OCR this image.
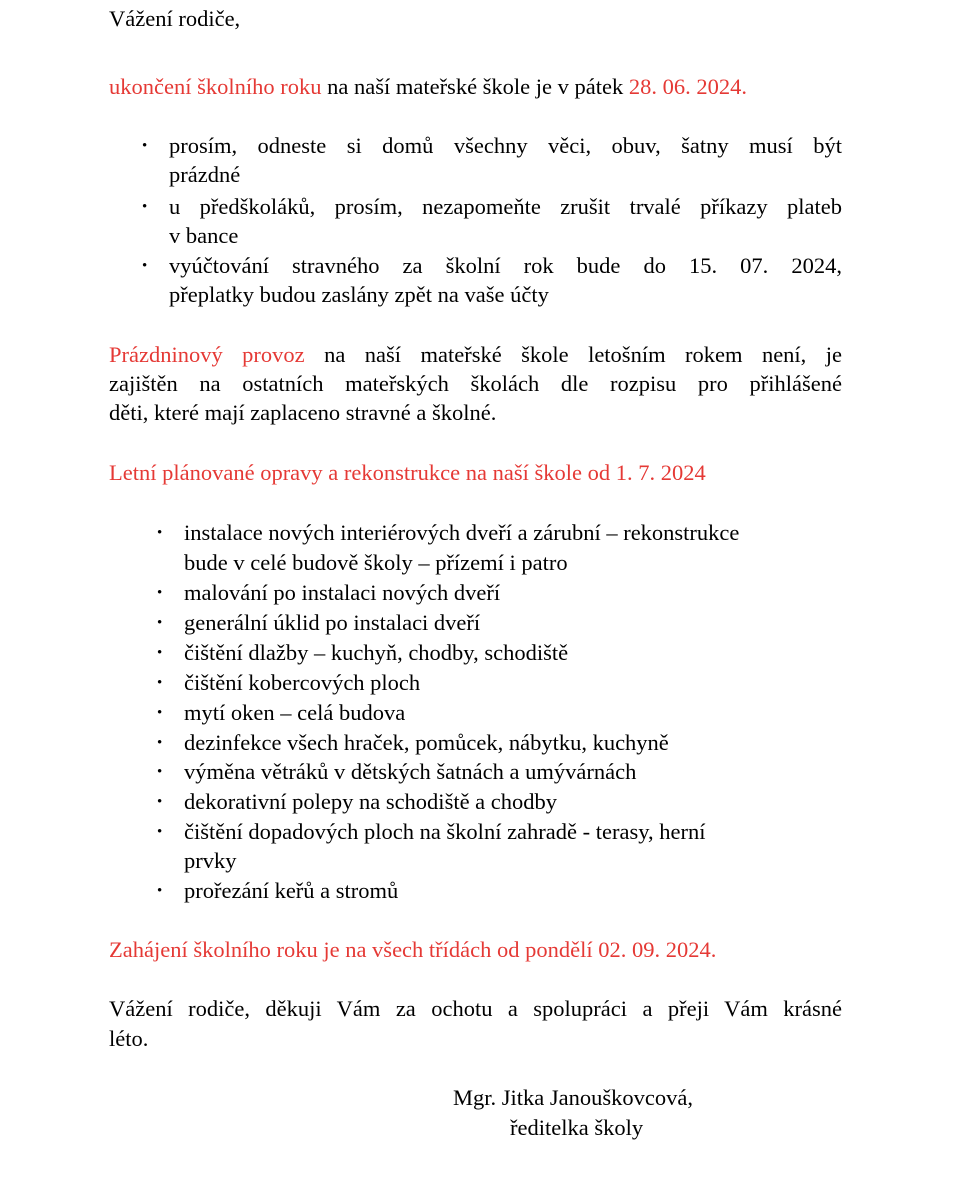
Vážení rodiče,

ukončení školního roku na naší mateřské škole je v pátek 28. 06. 2024.

• prosím, odneste si domů všechny věci, obuv, šatny musí být

prázdné

• u předškoláků, prosím, nezapomeňte zrušit trvalé příkazy plateb

v bance

• vyúčtování stravného za školní rok bude do 15. 07. 2024,

přeplatky budou zaslány zpět na vaše účty

Prázdninový provoz na naší mateřské škole letošním rokem není, je

zajištěn na ostatních mateřských školách dle rozpisu pro přihlášené

děti, které mají zaplaceno stravné a školné.

Letní plánované opravy a rekonstrukce na naší škole od 1. 7. 2024

• instalace nových interiérových dveří a zárubní – rekonstrukce

bude v celé budově školy – přízemí i patro

• malování po instalaci nových dveří

• generální úklid po instalaci dveří

• čištění dlažby – kuchyň, chodby, schodiště

• čištění kobercových ploch

• mytí oken – celá budova

• dezinfekce všech hraček, pomůcek, nábytku, kuchyně

• výměna větráků v dětských šatnách a umývárnách

• dekorativní polepy na schodiště a chodby

• čištění dopadových ploch na školní zahradě - terasy, herní

prvky

• prořezání keřů a stromů

Zahájení školního roku je na všech třídách od pondělí 02. 09. 2024.

Vážení rodiče, děkuji Vám za ochotu a spolupráci a přeji Vám krásné

léto.

Mgr. Jitka Janouškovcová,

ředitelka školy
